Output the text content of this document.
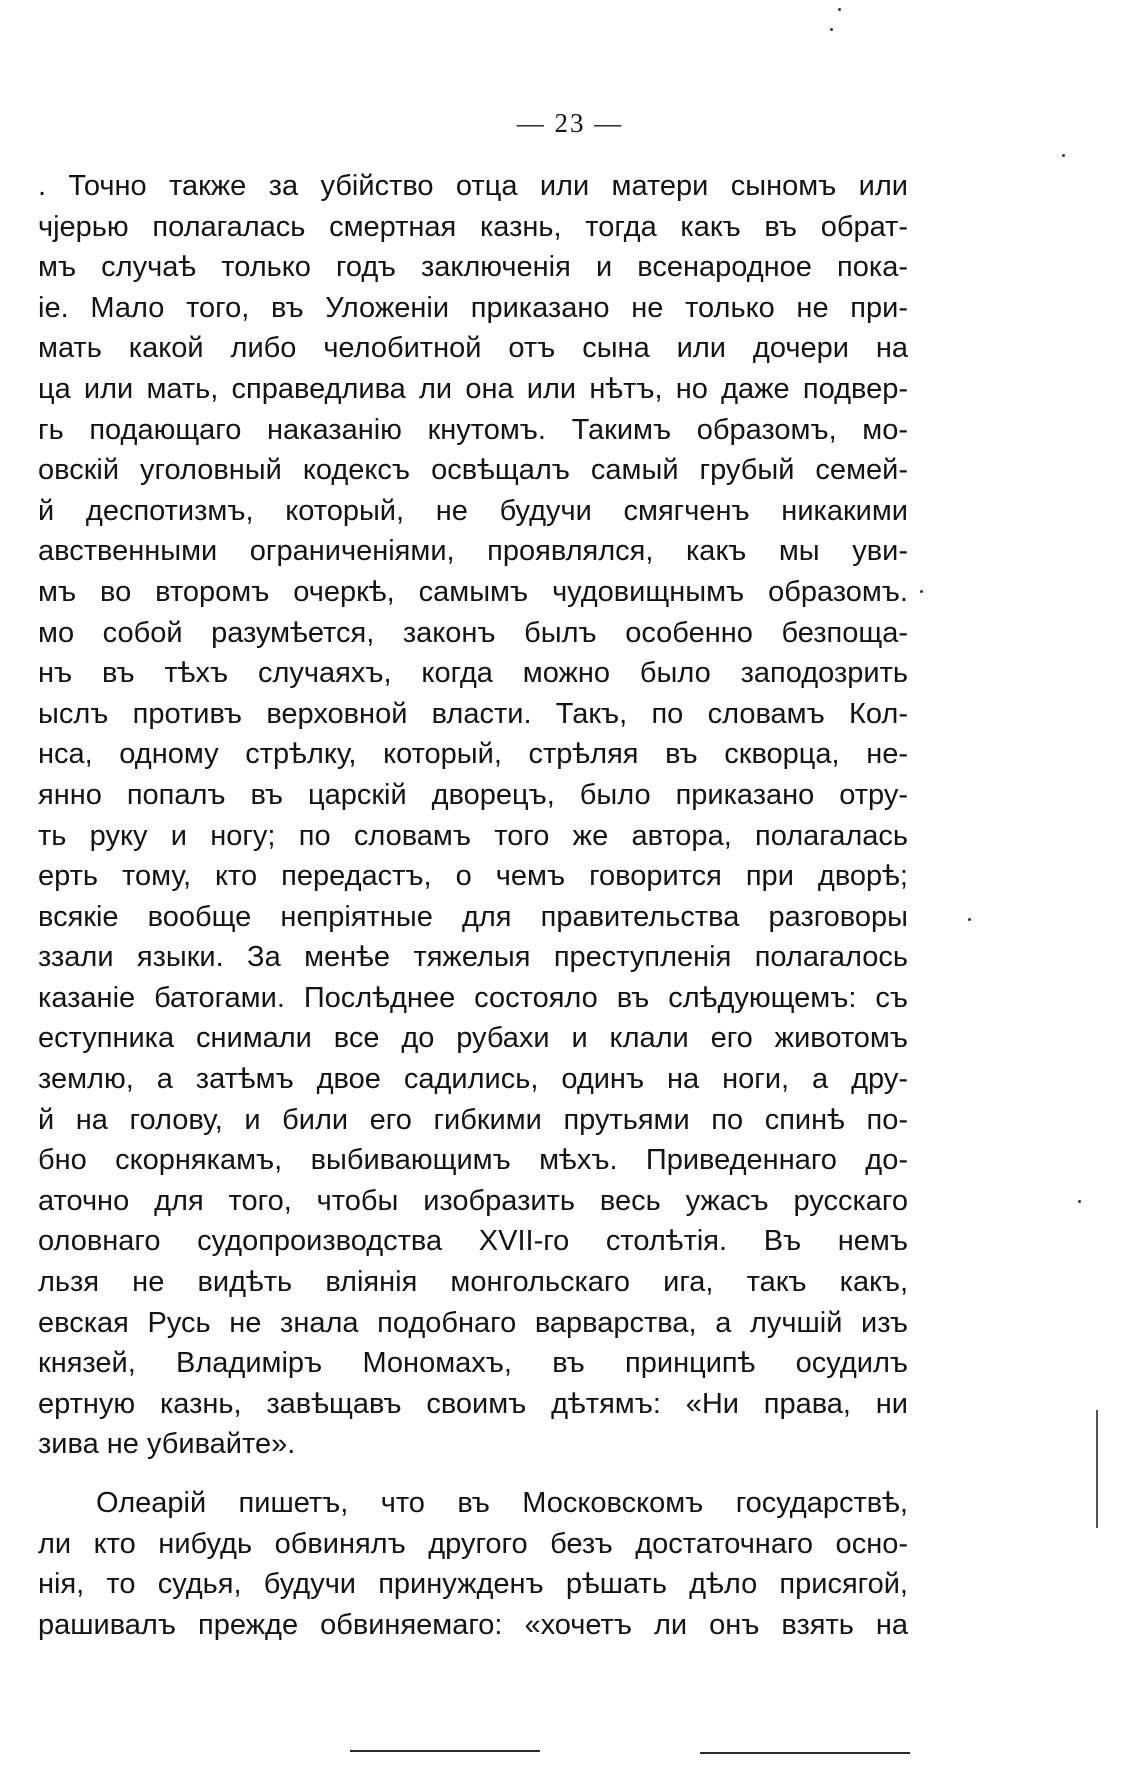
— 23 —
. Точно также за убійство отца или матери сыномъ или
чјерью полагалась смертная казнь, тогда какъ въ обрат-
мъ случаѣ только годъ заключенія и всенародное пока-
іе. Мало того, въ Уложеніи приказано не только не при-
мать какой либо челобитной отъ сына или дочери на
ца или мать, справедлива ли она или нѣтъ, но даже подвер-
гь подающаго наказанію кнутомъ. Такимъ образомъ, мо-
овскій уголовный кодексъ освѣщалъ самый грубый семей-
й деспотизмъ, который, не будучи смягченъ никакими
авственными ограниченіями, проявлялся, какъ мы уви-
мъ во второмъ очеркѣ, самымъ чудовищнымъ образомъ.
мо собой разумѣется, законъ былъ особенно безпоща-
нъ въ тѣхъ случаяхъ, когда можно было заподозрить
ыслъ противъ верховной власти. Такъ, по словамъ Кол-
нса, одному стрѣлку, который, стрѣляя въ скворца, не-
янно попалъ въ царскій дворецъ, было приказано отру-
ть руку и ногу; по словамъ того же автора, полагалась
ерть тому, кто передастъ, о чемъ говорится при дворѣ;
всякіе вообще непріятные для правительства разговоры
ззали языки. За менѣе тяжелыя преступленія полагалось
казаніе батогами. Послѣднее состояло въ слѣдующемъ: съ
еступника снимали все до рубахи и клали его животомъ
землю, а затѣмъ двое садились, одинъ на ноги, а дру-
й на голову, и били его гибкими прутьями по спинѣ по-
бно скорнякамъ, выбивающимъ мѣхъ. Приведеннаго до-
аточно для того, чтобы изобразить весь ужасъ русскаго
оловнаго судопроизводства XVII-го столѣтія. Въ немъ
льзя не видѣть вліянія монгольскаго ига, такъ какъ,
евская Русь не знала подобнаго варварства, а лучшій изъ
князей, Владиміръ Мономахъ, въ принципѣ осудилъ
ертную казнь, завѣщавъ своимъ дѣтямъ: «Ни права, ни
зива не убивайте».
Олеарій пишетъ, что въ Московскомъ государствѣ,
ли кто нибудь обвинялъ другого безъ достаточнаго осно-
нія, то судья, будучи принужденъ рѣшать дѣло присягой,
рашивалъ прежде обвиняемаго: «хочетъ ли онъ взять на
